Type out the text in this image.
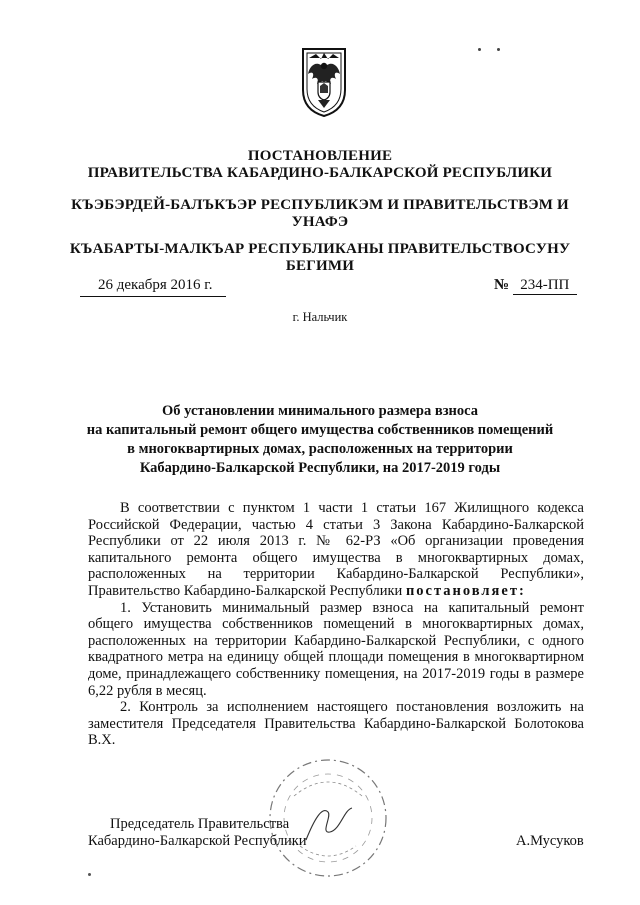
ПОСТАНОВЛЕНИЕ
ПРАВИТЕЛЬСТВА КАБАРДИНО-БАЛКАРСКОЙ РЕСПУБЛИКИ
КЪЭБЭРДЕЙ-БАЛЪКЪЭР РЕСПУБЛИКЭМ И ПРАВИТЕЛЬСТВЭМ И
УНАФЭ
КЪАБАРТЫ-МАЛКЪАР РЕСПУБЛИКАНЫ ПРАВИТЕЛЬСТВОСУНУ
БЕГИМИ
26 декабря 2016 г.	№ 234-ПП
г. Нальчик
Об установлении минимального размера взноса
на капитальный ремонт общего имущества собственников помещений
в многоквартирных домах, расположенных на территории
Кабардино-Балкарской Республики, на 2017-2019 годы

В соответствии с пунктом 1 части 1 статьи 167 Жилищного кодекса Российской Федерации, частью 4 статьи 3 Закона Кабардино-Балкарской Республики от 22 июля 2013 г. № 62-РЗ «Об организации проведения капитального ремонта общего имущества в многоквартирных домах, расположенных на территории Кабардино-Балкарской Республики», Правительство Кабардино-Балкарской Республики постановляет:

1. Установить минимальный размер взноса на капитальный ремонт общего имущества собственников помещений в многоквартирных домах, расположенных на территории Кабардино-Балкарской Республики, с одного квадратного метра на единицу общей площади помещения в многоквартирном доме, принадлежащего собственнику помещения, на 2017-2019 годы в размере 6,22 рубля в месяц.

2. Контроль за исполнением настоящего постановления возложить на заместителя Председателя Правительства Кабардино-Балкарской Болотокова В.Х.

Председатель Правительства
Кабардино-Балкарской Республики	А.Мусуков
